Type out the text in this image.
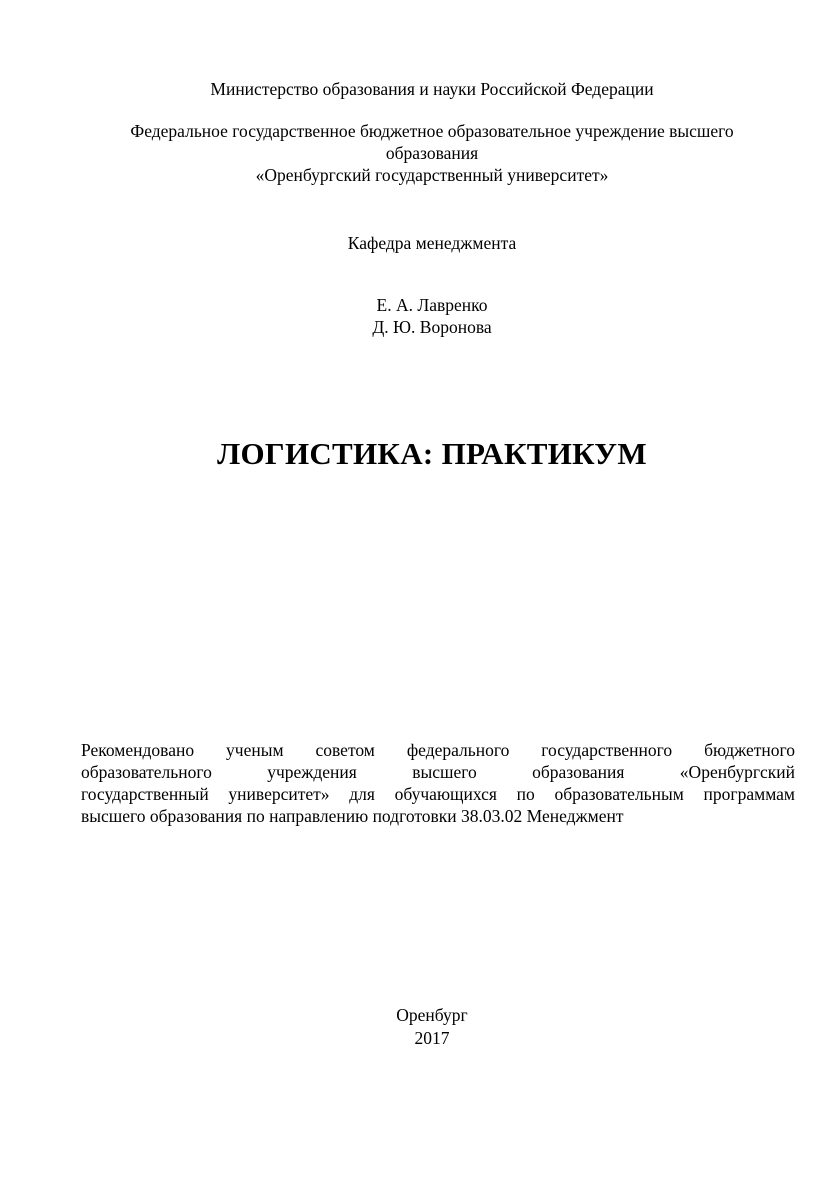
Министерство образования и науки Российской Федерации
Федеральное государственное бюджетное образовательное учреждение высшего
образования
«Оренбургский государственный университет»
Кафедра менеджмента
Е. А. Лавренко
Д. Ю. Воронова
ЛОГИСТИКА: ПРАКТИКУМ
Рекомендовано ученым советом федерального государственного бюджетного
образовательного учреждения высшего образования «Оренбургский
государственный университет» для обучающихся по образовательным программам
высшего образования по направлению подготовки 38.03.02 Менеджмент
Оренбург
2017
